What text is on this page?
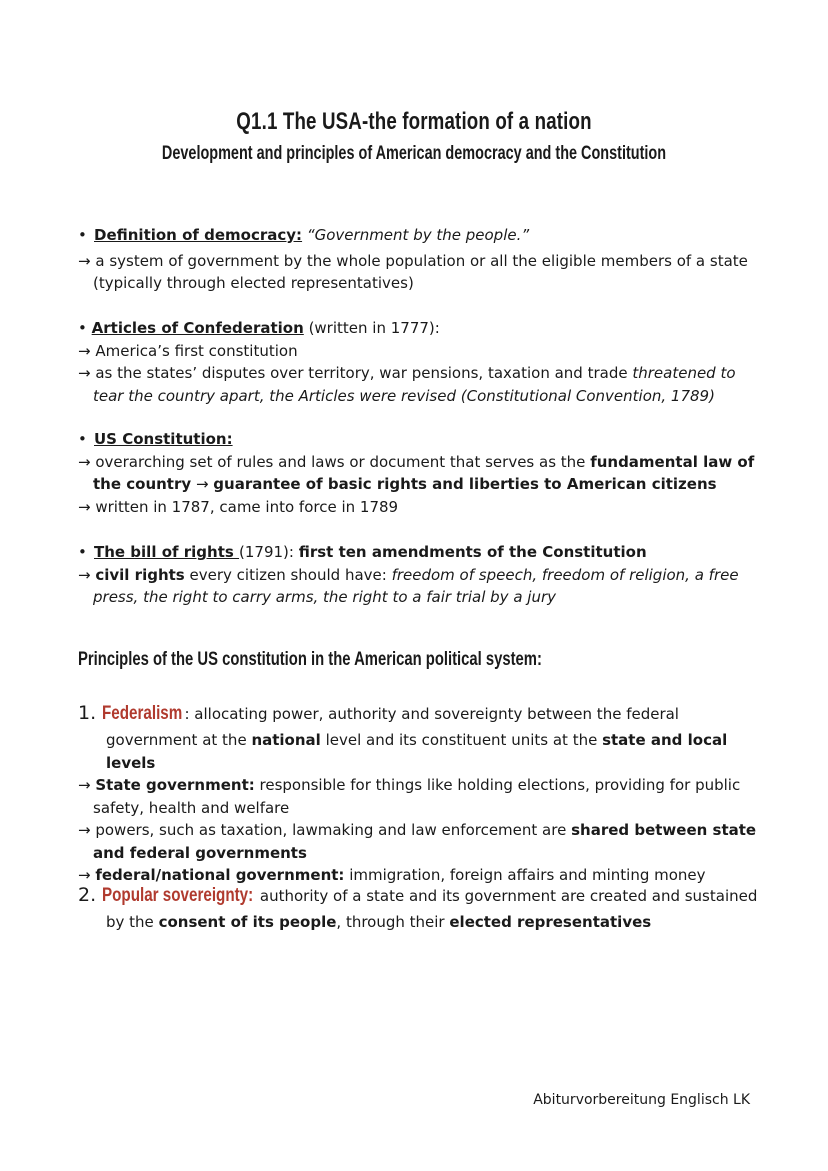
Q1.1 The USA-the formation of a nation
Development and principles of American democracy and the Constitution

• Definition of democracy: “Government by the people.”

→ a system of government by the whole population or all the eligible members of a state

(typically through elected representatives)

• Articles of Confederation (written in 1777):

→ America’s first constitution

→ as the states’ disputes over territory, war pensions, taxation and trade threatened to

tear the country apart, the Articles were revised (Constitutional Convention, 1789)

• US Constitution:

→ overarching set of rules and laws or document that serves as the fundamental law of

the country → guarantee of basic rights and liberties to American citizens

→ written in 1787, came into force in 1789

• The bill of rights (1791): first ten amendments of the Constitution

→ civil rights every citizen should have: freedom of speech, freedom of religion, a free

press, the right to carry arms, the right to a fair trial by a jury

Principles of the US constitution in the American political system:

1. Federalism : allocating power, authority and sovereignty between the federal

government at the national level and its constituent units at the state and local levels

→ State government: responsible for things like holding elections, providing for public

safety, health and welfare

→ powers, such as taxation, lawmaking and law enforcement are shared between state

and federal governments

→ federal/national government: immigration, foreign affairs and minting money

2. Popular sovereignty: authority of a state and its government are created and sustained

by the consent of its people, through their elected representatives

Abiturvorbereitung Englisch LK
